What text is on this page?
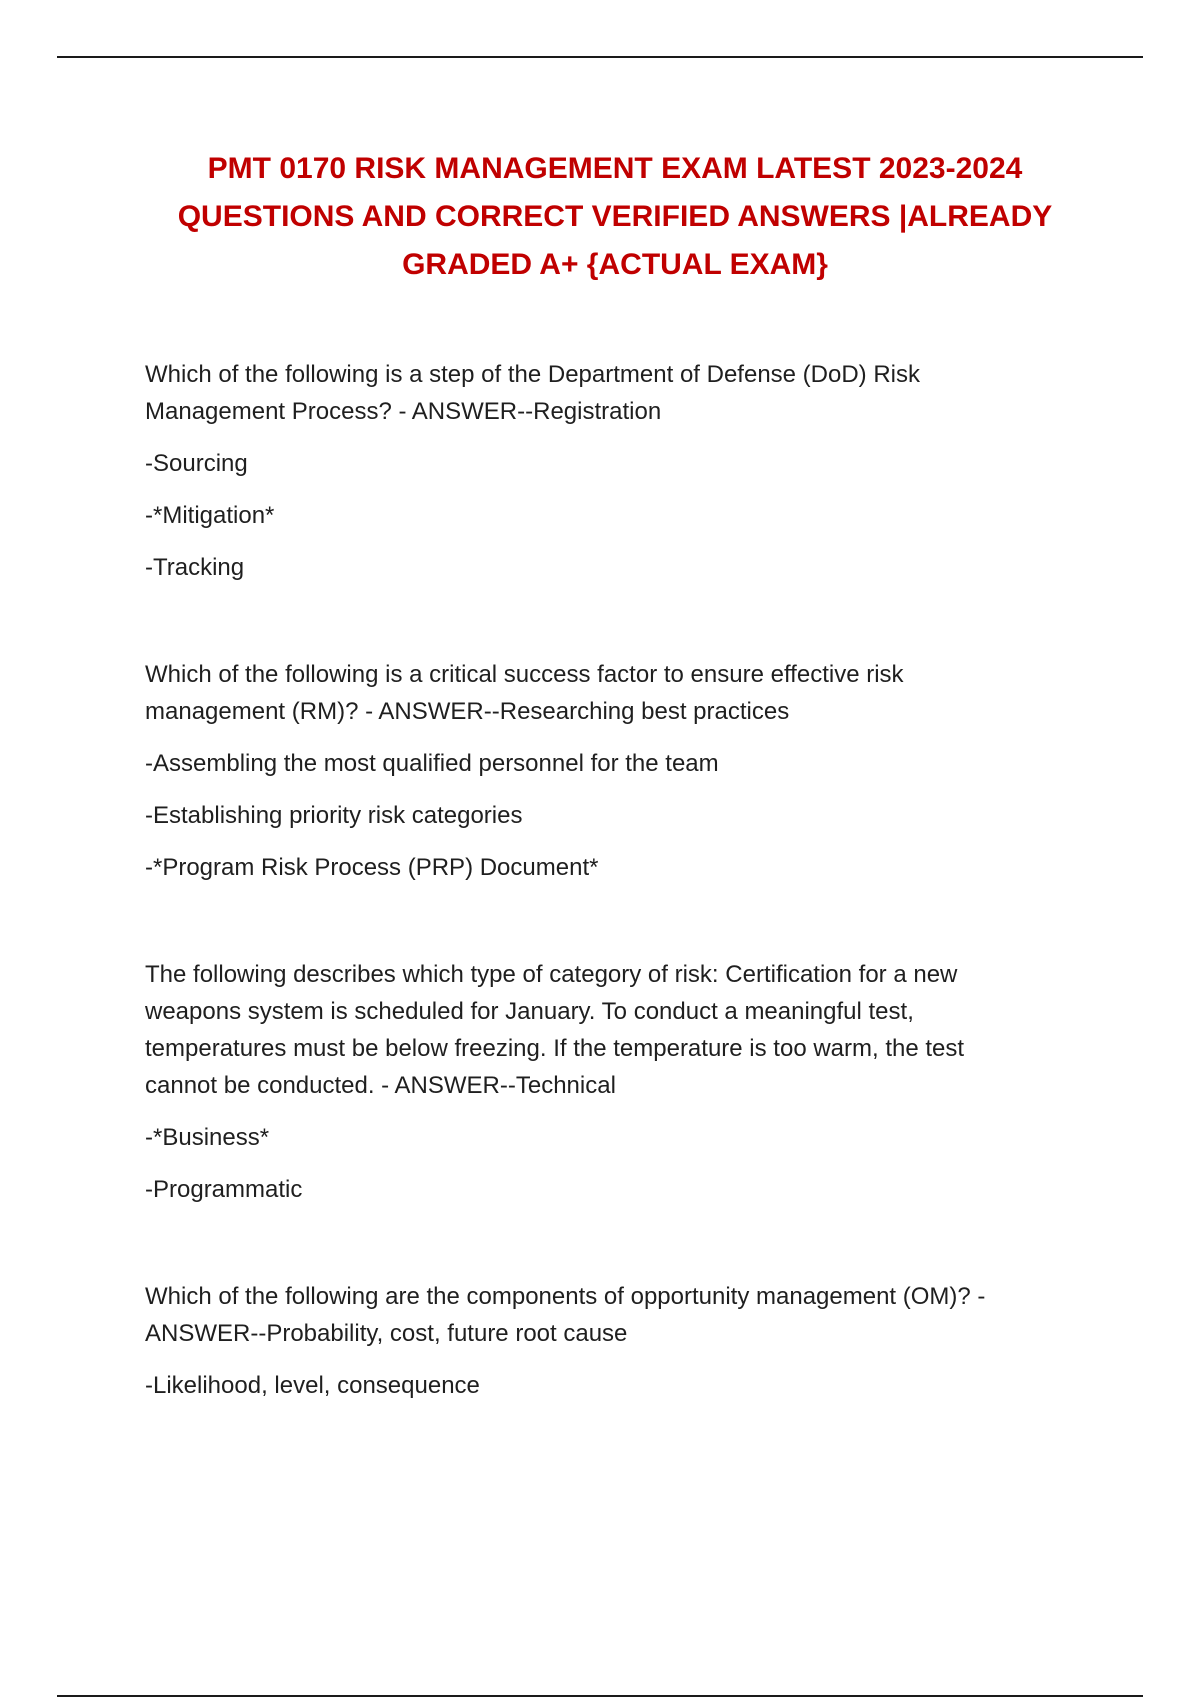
PMT 0170 RISK MANAGEMENT EXAM LATEST 2023-2024
QUESTIONS AND CORRECT VERIFIED ANSWERS |ALREADY
GRADED A+ {ACTUAL EXAM}

Which of the following is a step of the Department of Defense (DoD) Risk
Management Process? - ANSWER--Registration

-Sourcing

-*Mitigation*

-Tracking

Which of the following is a critical success factor to ensure effective risk
management (RM)? - ANSWER--Researching best practices

-Assembling the most qualified personnel for the team

-Establishing priority risk categories

-*Program Risk Process (PRP) Document*

The following describes which type of category of risk: Certification for a new
weapons system is scheduled for January. To conduct a meaningful test,
temperatures must be below freezing. If the temperature is too warm, the test
cannot be conducted. - ANSWER--Technical

-*Business*

-Programmatic

Which of the following are the components of opportunity management (OM)? -
ANSWER--Probability, cost, future root cause

-Likelihood, level, consequence
